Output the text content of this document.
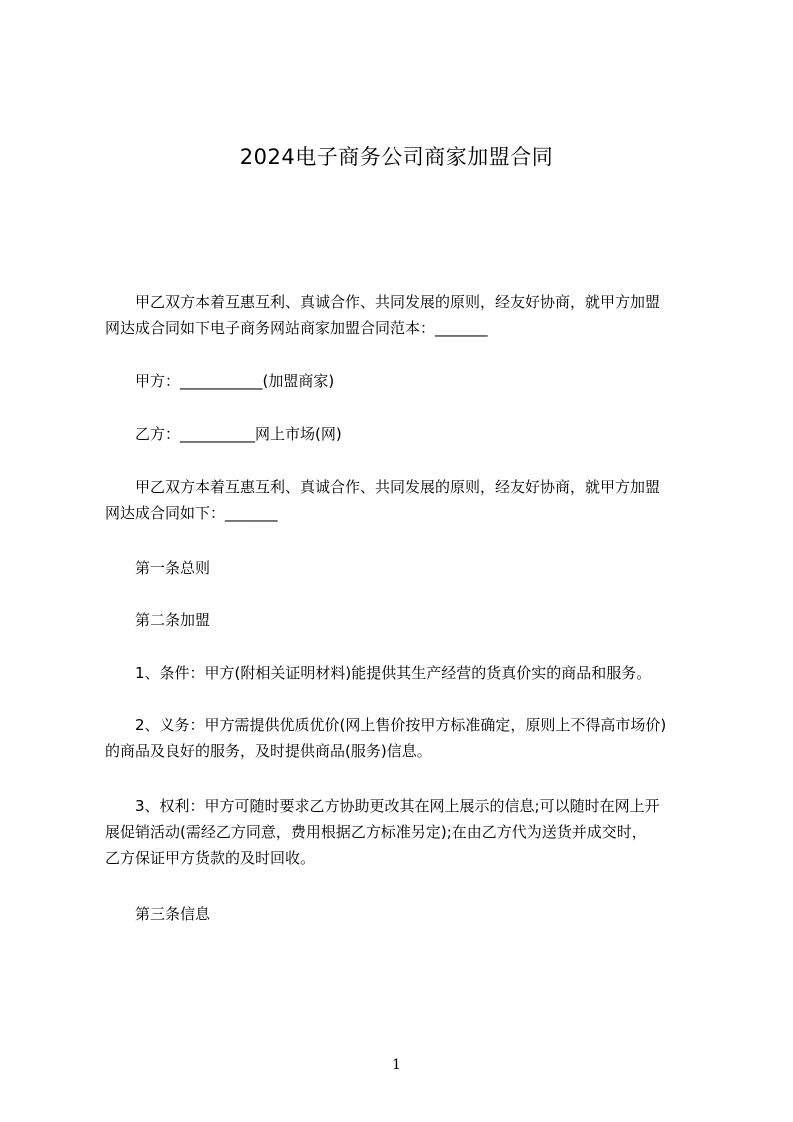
2024电子商务公司商家加盟合同
　　甲乙双方本着互惠互利、真诚合作、共同发展的原则，经友好协商，就甲方加盟
网达成合同如下电子商务网站商家加盟合同范本：_______
　　甲方：___________(加盟商家)
　　乙方：__________网上市场(网)
　　甲乙双方本着互惠互利、真诚合作、共同发展的原则，经友好协商，就甲方加盟
网达成合同如下：_______
　　第一条总则
　　第二条加盟
　　1、条件：甲方(附相关证明材料)能提供其生产经营的货真价实的商品和服务。
　　2、义务：甲方需提供优质优价(网上售价按甲方标准确定，原则上不得高市场价)
的商品及良好的服务，及时提供商品(服务)信息。
　　3、权利：甲方可随时要求乙方协助更改其在网上展示的信息;可以随时在网上开
展促销活动(需经乙方同意，费用根据乙方标准另定);在由乙方代为送货并成交时，
乙方保证甲方货款的及时回收。
　　第三条信息
1
